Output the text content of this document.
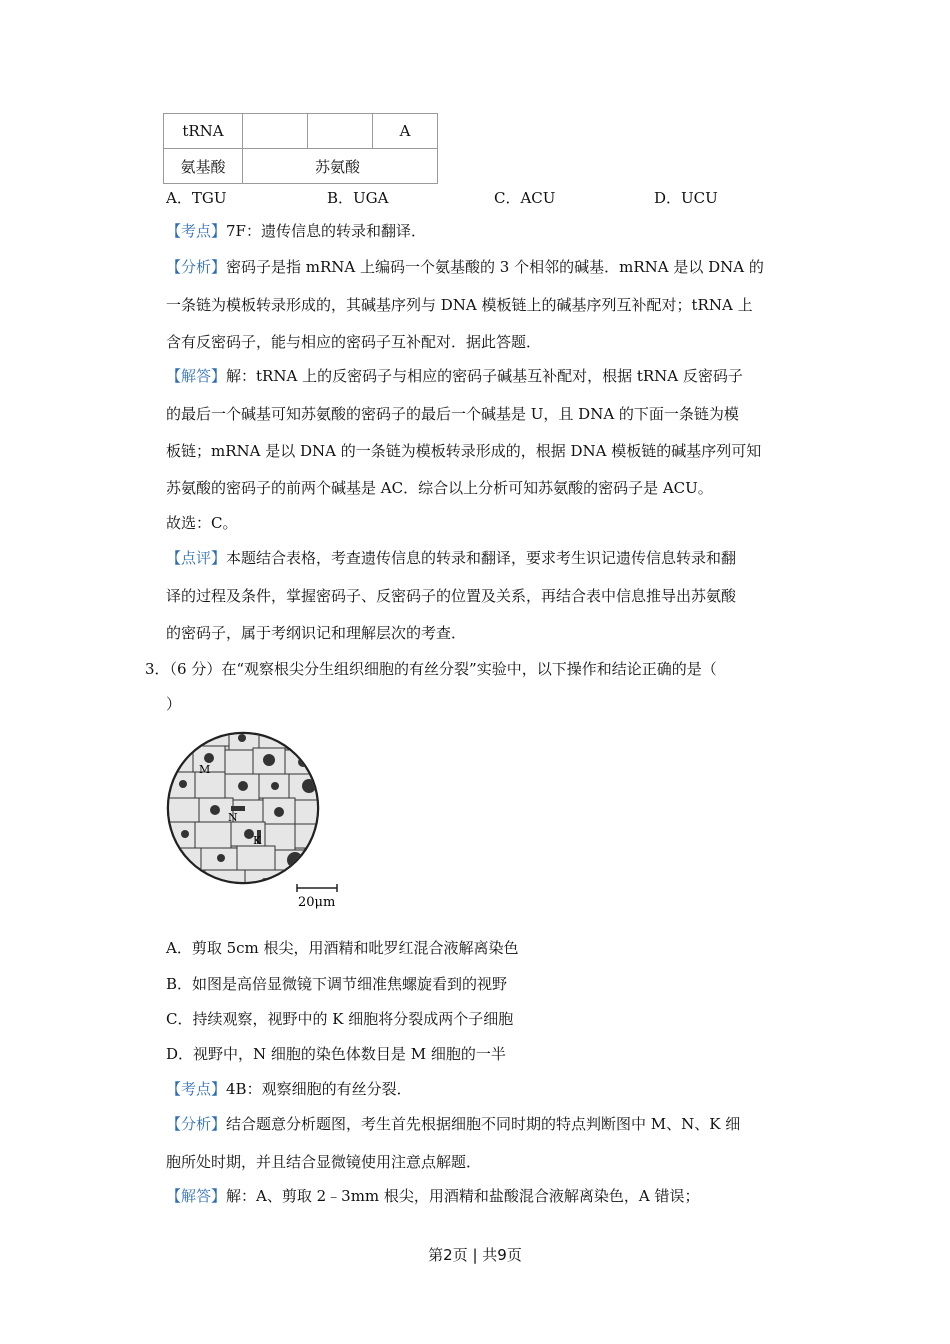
tRNA			A
氨基酸	苏氨酸		
A．TGU	B．UGA	C．ACU	D．UCU
【考点】7F：遗传信息的转录和翻译．
【分析】密码子是指 mRNA 上编码一个氨基酸的 3 个相邻的碱基．mRNA 是以 DNA 的
一条链为模板转录形成的，其碱基序列与 DNA 模板链上的碱基序列互补配对；tRNA 上
含有反密码子，能与相应的密码子互补配对．据此答题．
【解答】解：tRNA 上的反密码子与相应的密码子碱基互补配对，根据 tRNA 反密码子
的最后一个碱基可知苏氨酸的密码子的最后一个碱基是 U，且 DNA 的下面一条链为模
板链；mRNA 是以 DNA 的一条链为模板转录形成的，根据 DNA 模板链的碱基序列可知
苏氨酸的密码子的前两个碱基是 AC．综合以上分析可知苏氨酸的密码子是 ACU。
故选：C。
【点评】本题结合表格，考查遗传信息的转录和翻译，要求考生识记遗传信息转录和翻
译的过程及条件，掌握密码子、反密码子的位置及关系，再结合表中信息推导出苏氨酸
的密码子，属于考纲识记和理解层次的考查．
3．（6 分）在“观察根尖分生组织细胞的有丝分裂”实验中，以下操作和结论正确的是（
）
M
N
K
20μm
A．剪取 5cm 根尖，用酒精和吡罗红混合液解离染色
B．如图是高倍显微镜下调节细准焦螺旋看到的视野
C．持续观察，视野中的 K 细胞将分裂成两个子细胞
D．视野中，N 细胞的染色体数目是 M 细胞的一半
【考点】4B：观察细胞的有丝分裂．
【分析】结合题意分析题图，考生首先根据细胞不同时期的特点判断图中 M、N、K 细
胞所处时期，并且结合显微镜使用注意点解题．
【解答】解：A、剪取 2﹣3mm 根尖，用酒精和盐酸混合液解离染色，A 错误；
第2页 | 共9页
